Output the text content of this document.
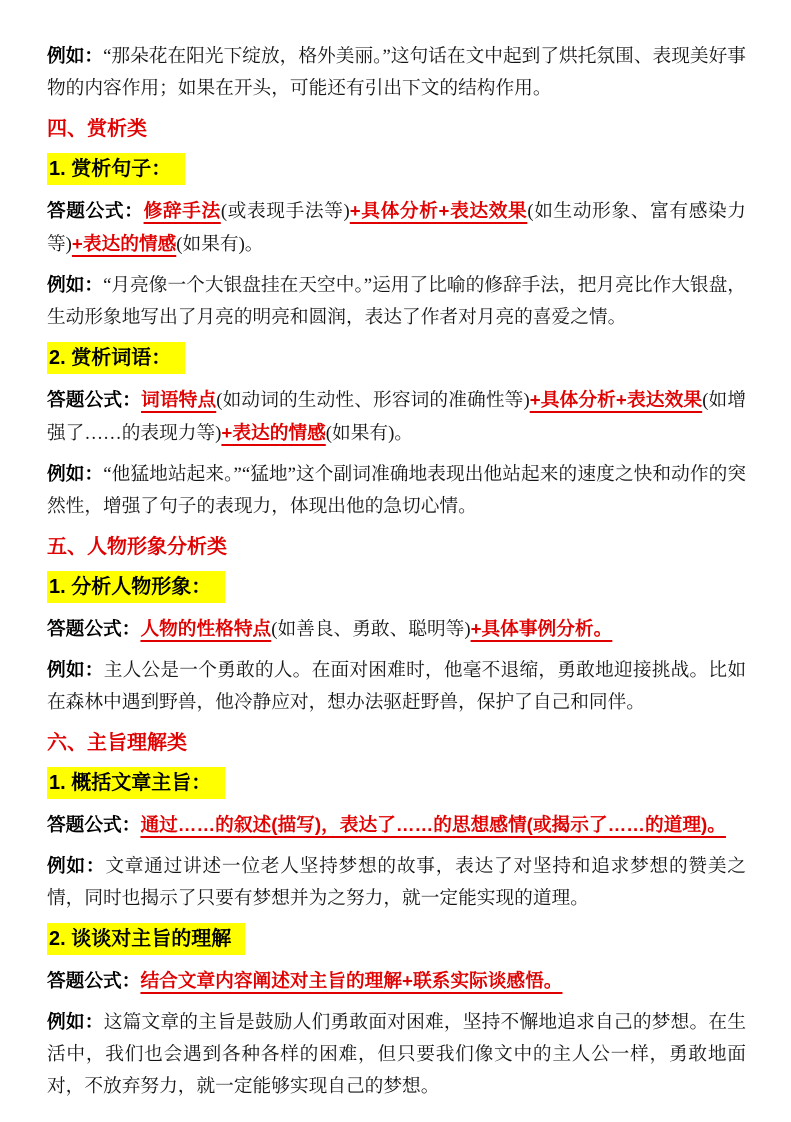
例如：“那朵花在阳光下绽放，格外美丽。”这句话在文中起到了烘托氛围、表现美好事物的内容作用；如果在开头，可能还有引出下文的结构作用。

四、赏析类
1. 赏析句子：

答题公式：修辞手法(或表现手法等)+具体分析+表达效果(如生动形象、富有感染力等)+表达的情感(如果有)。

例如：“月亮像一个大银盘挂在天空中。”运用了比喻的修辞手法，把月亮比作大银盘，生动形象地写出了月亮的明亮和圆润，表达了作者对月亮的喜爱之情。

2. 赏析词语：

答题公式：词语特点(如动词的生动性、形容词的准确性等)+具体分析+表达效果(如增强了……的表现力等)+表达的情感(如果有)。

例如：“他猛地站起来。”“猛地”这个副词准确地表现出他站起来的速度之快和动作的突然性，增强了句子的表现力，体现出他的急切心情。

五、人物形象分析类
1. 分析人物形象：

答题公式：人物的性格特点(如善良、勇敢、聪明等)+具体事例分析。

例如：主人公是一个勇敢的人。在面对困难时，他毫不退缩，勇敢地迎接挑战。比如在森林中遇到野兽，他冷静应对，想办法驱赶野兽，保护了自己和同伴。

六、主旨理解类
1. 概括文章主旨：

答题公式：通过……的叙述(描写)，表达了……的思想感情(或揭示了……的道理)。

例如：文章通过讲述一位老人坚持梦想的故事，表达了对坚持和追求梦想的赞美之情，同时也揭示了只要有梦想并为之努力，就一定能实现的道理。

2. 谈谈对主旨的理解

答题公式：结合文章内容阐述对主旨的理解+联系实际谈感悟。

例如：这篇文章的主旨是鼓励人们勇敢面对困难，坚持不懈地追求自己的梦想。在生活中，我们也会遇到各种各样的困难，但只要我们像文中的主人公一样，勇敢地面对，不放弃努力，就一定能够实现自己的梦想。
